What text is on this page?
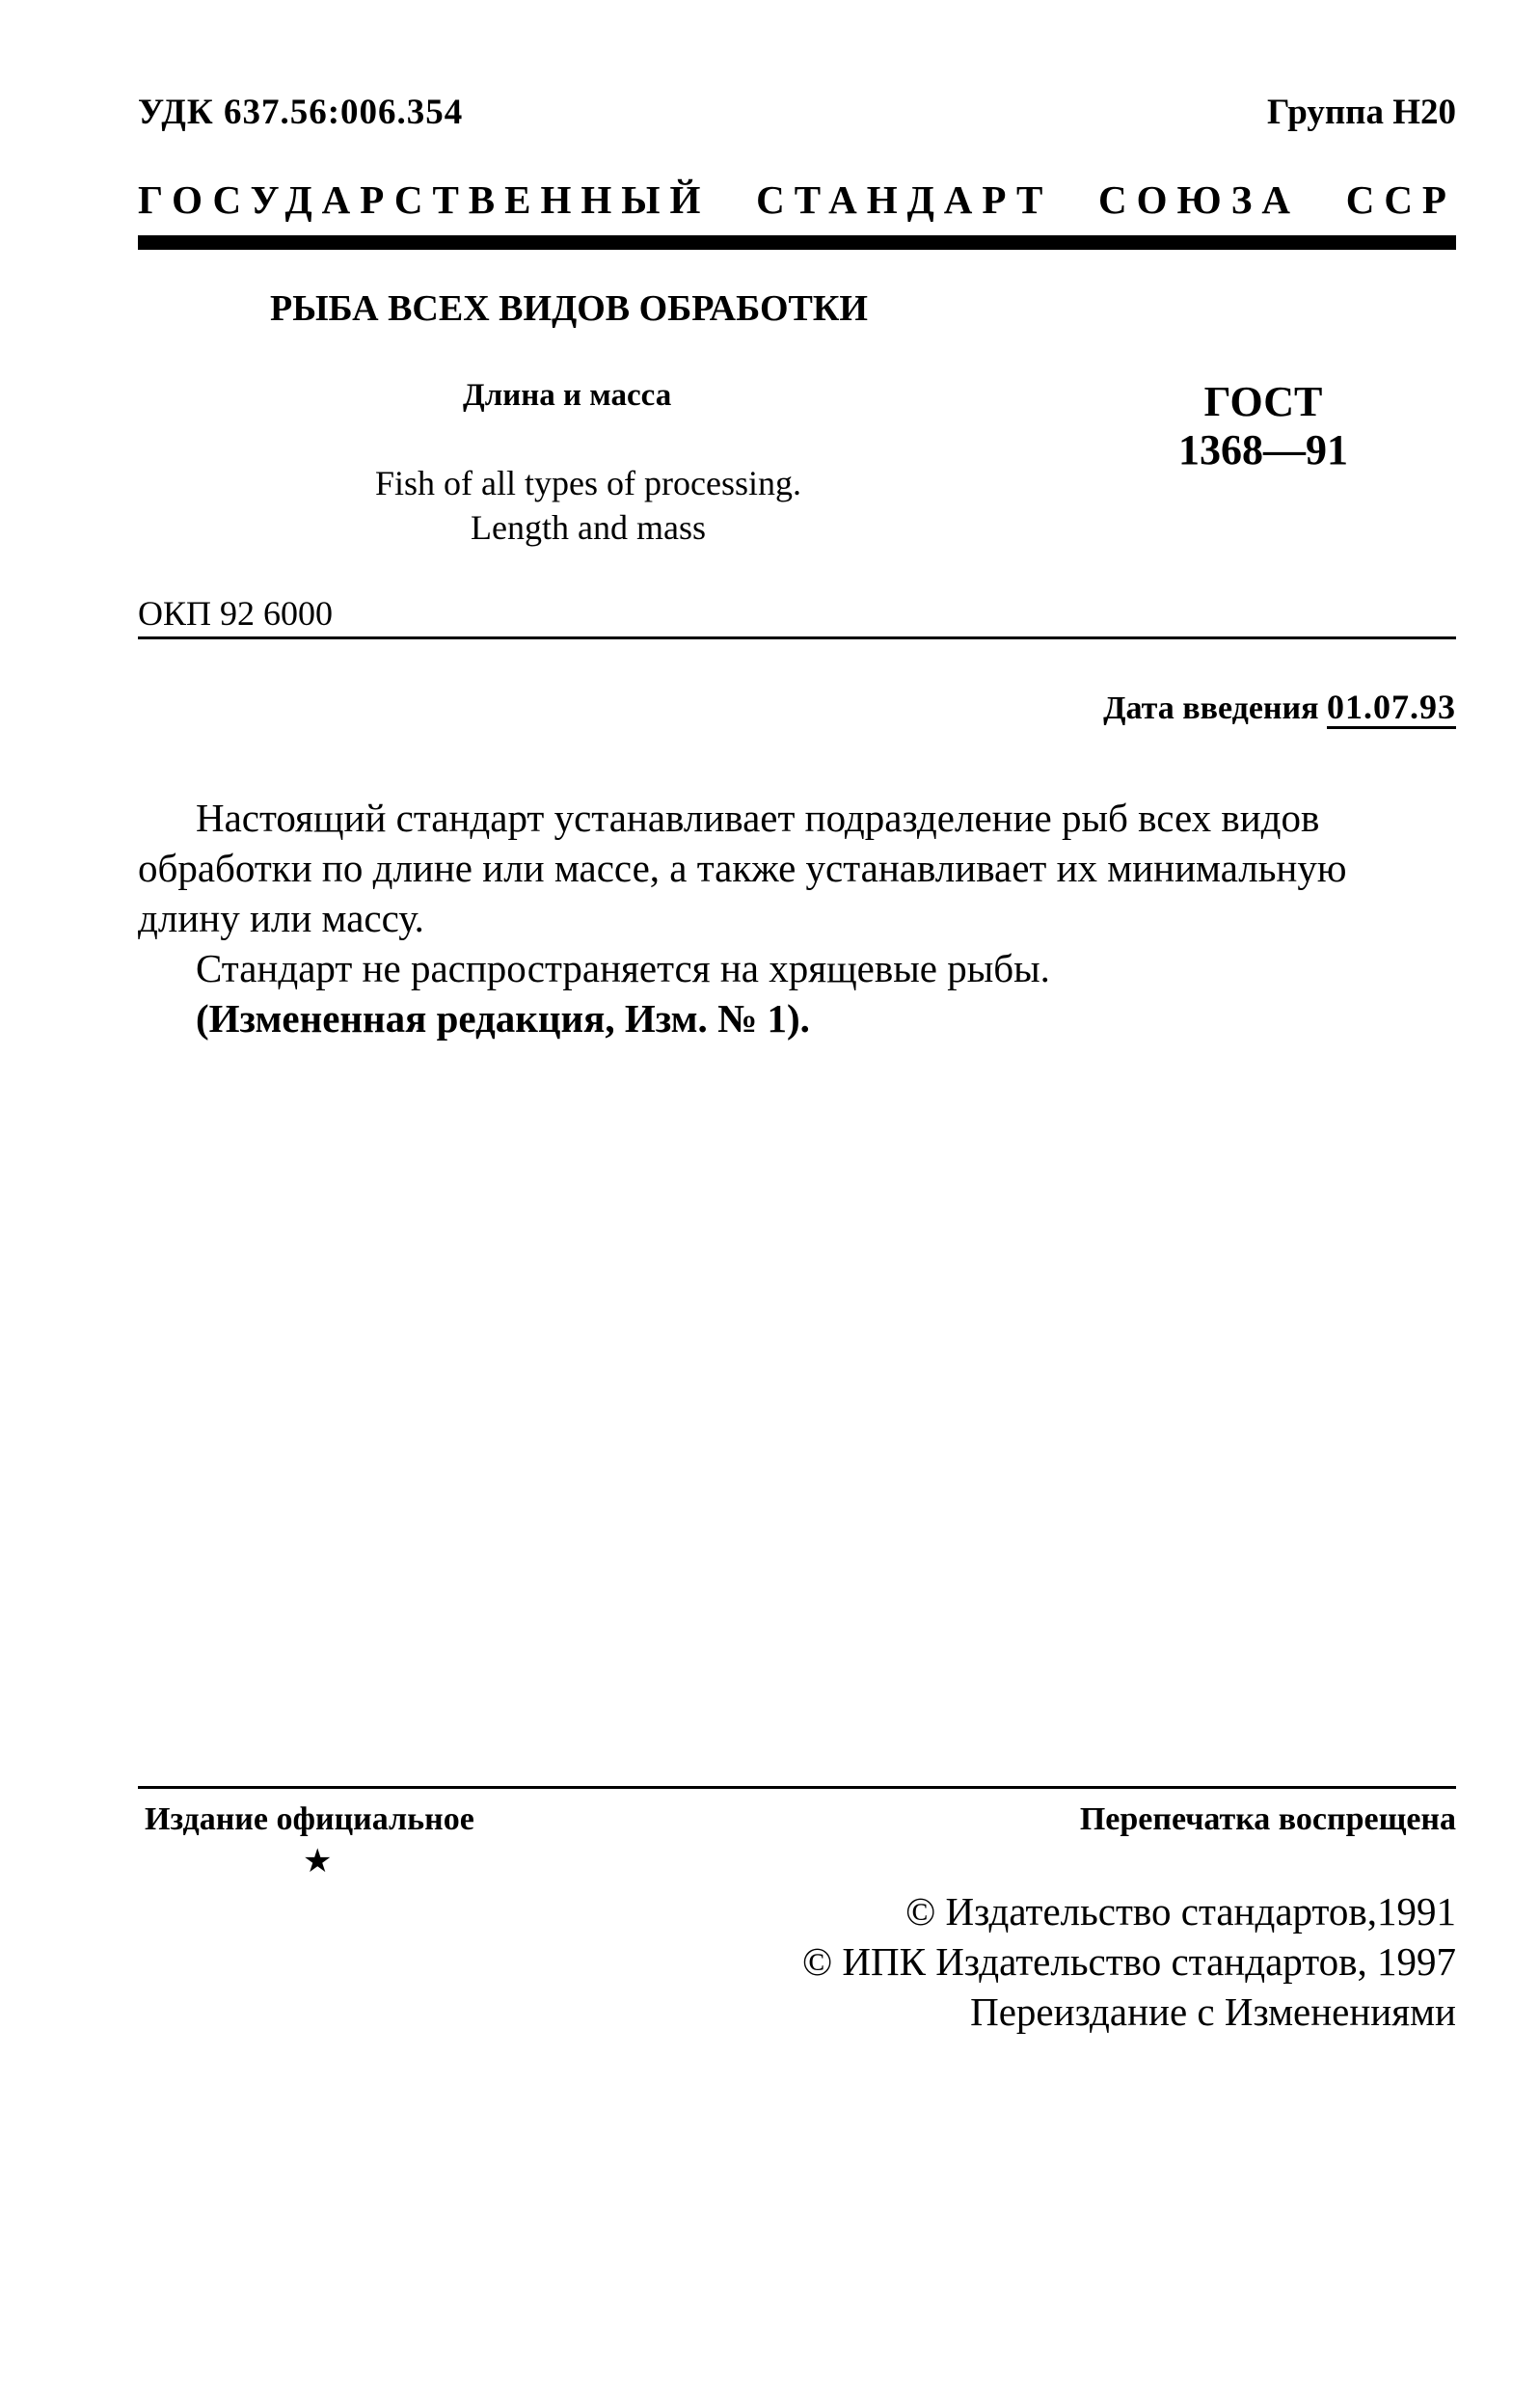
УДК 637.56:006.354	Группа Н20
ГОСУДАРСТВЕННЫЙ СТАНДАРТ СОЮЗА ССР
РЫБА ВСЕХ ВИДОВ ОБРАБОТКИ
Длина и масса
Fish of all types of processing.
Length and mass
ГОСТ
1368—91
ОКП 92 6000
Дата введения 01.07.93

Настоящий стандарт устанавливает подразделение рыб всех видов обработки по длине или массе, а также устанавливает их минимальную длину или массу.

Стандарт не распространяется на хрящевые рыбы.

(Измененная редакция, Изм. № 1).

Издание официальное
★
Перепечатка воспрещена
© Издательство стандартов,1991
© ИПК Издательство стандартов, 1997
Переиздание с Изменениями
